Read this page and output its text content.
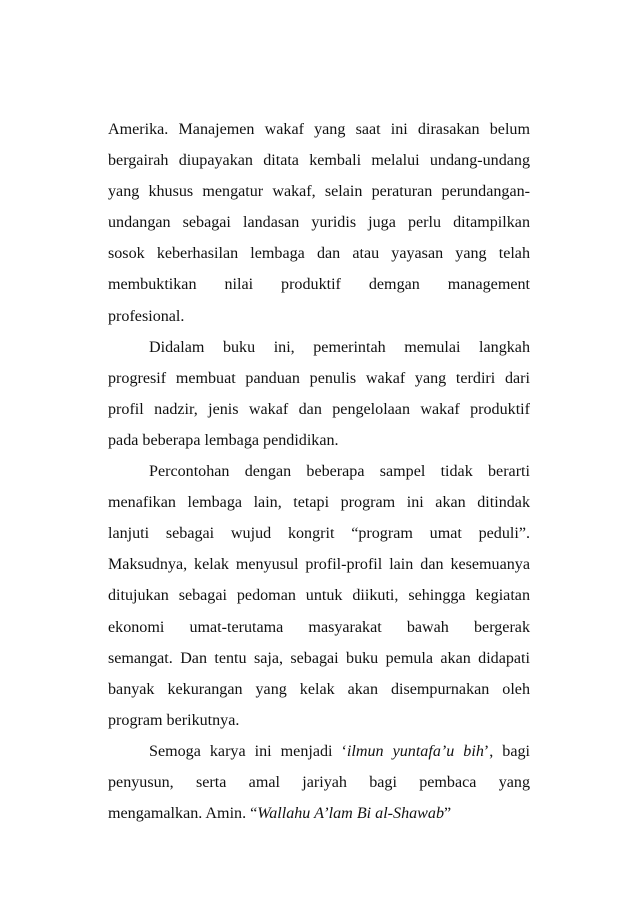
Amerika. Manajemen wakaf yang saat ini dirasakan belum
bergairah diupayakan ditata kembali melalui undang-undang
yang khusus mengatur wakaf, selain peraturan perundangan-
undangan sebagai landasan yuridis juga perlu ditampilkan
sosok keberhasilan lembaga dan atau yayasan yang telah
membuktikan nilai produktif demgan management
profesional.
Didalam buku ini, pemerintah memulai langkah
progresif membuat panduan penulis wakaf yang terdiri dari
profil nadzir, jenis wakaf dan pengelolaan wakaf produktif
pada beberapa lembaga pendidikan.
Percontohan dengan beberapa sampel tidak berarti
menafikan lembaga lain, tetapi program ini akan ditindak
lanjuti sebagai wujud kongrit “program umat peduli”.
Maksudnya, kelak menyusul profil-profil lain dan kesemuanya
ditujukan sebagai pedoman untuk diikuti, sehingga kegiatan
ekonomi umat-terutama masyarakat bawah bergerak
semangat. Dan tentu saja, sebagai buku pemula akan didapati
banyak kekurangan yang kelak akan disempurnakan oleh
program berikutnya.
Semoga karya ini menjadi ‘ilmun yuntafa’u bih’, bagi
penyusun, serta amal jariyah bagi pembaca yang
mengamalkan. Amin. “Wallahu A’lam Bi al-Shawab”
